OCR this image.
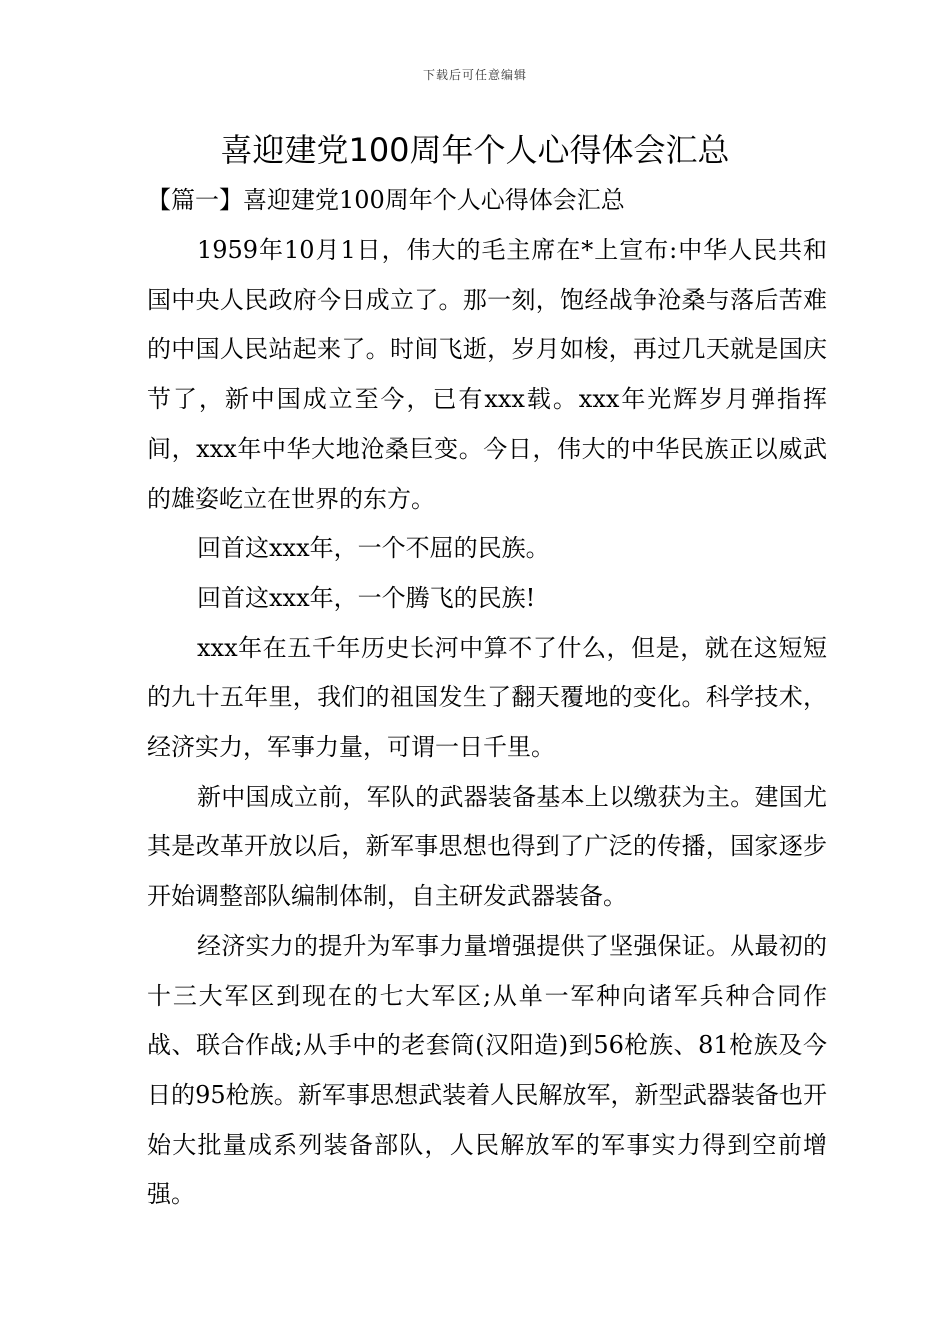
下载后可任意编辑
喜迎建党100周年个人心得体会汇总
【篇一】喜迎建党100周年个人心得体会汇总

1959年10月1日，伟大的毛主席在*上宣布:中华人民共和国中央人民政府今日成立了。那一刻，饱经战争沧桑与落后苦难的中国人民站起来了。时间飞逝，岁月如梭，再过几天就是国庆节了，新中国成立至今，已有xxx载。xxx年光辉岁月弹指挥间，xxx年中华大地沧桑巨变。今日，伟大的中华民族正以威武的雄姿屹立在世界的东方。

回首这xxx年，一个不屈的民族。

回首这xxx年，一个腾飞的民族!

xxx年在五千年历史长河中算不了什么，但是，就在这短短的九十五年里，我们的祖国发生了翻天覆地的变化。科学技术，经济实力，军事力量，可谓一日千里。

新中国成立前，军队的武器装备基本上以缴获为主。建国尤其是改革开放以后，新军事思想也得到了广泛的传播，国家逐步开始调整部队编制体制，自主研发武器装备。

经济实力的提升为军事力量增强提供了坚强保证。从最初的十三大军区到现在的七大军区;从单一军种向诸军兵种合同作战、联合作战;从手中的老套筒(汉阳造)到56枪族、81枪族及今日的95枪族。新军事思想武装着人民解放军，新型武器装备也开始大批量成系列装备部队，人民解放军的军事实力得到空前增强。
